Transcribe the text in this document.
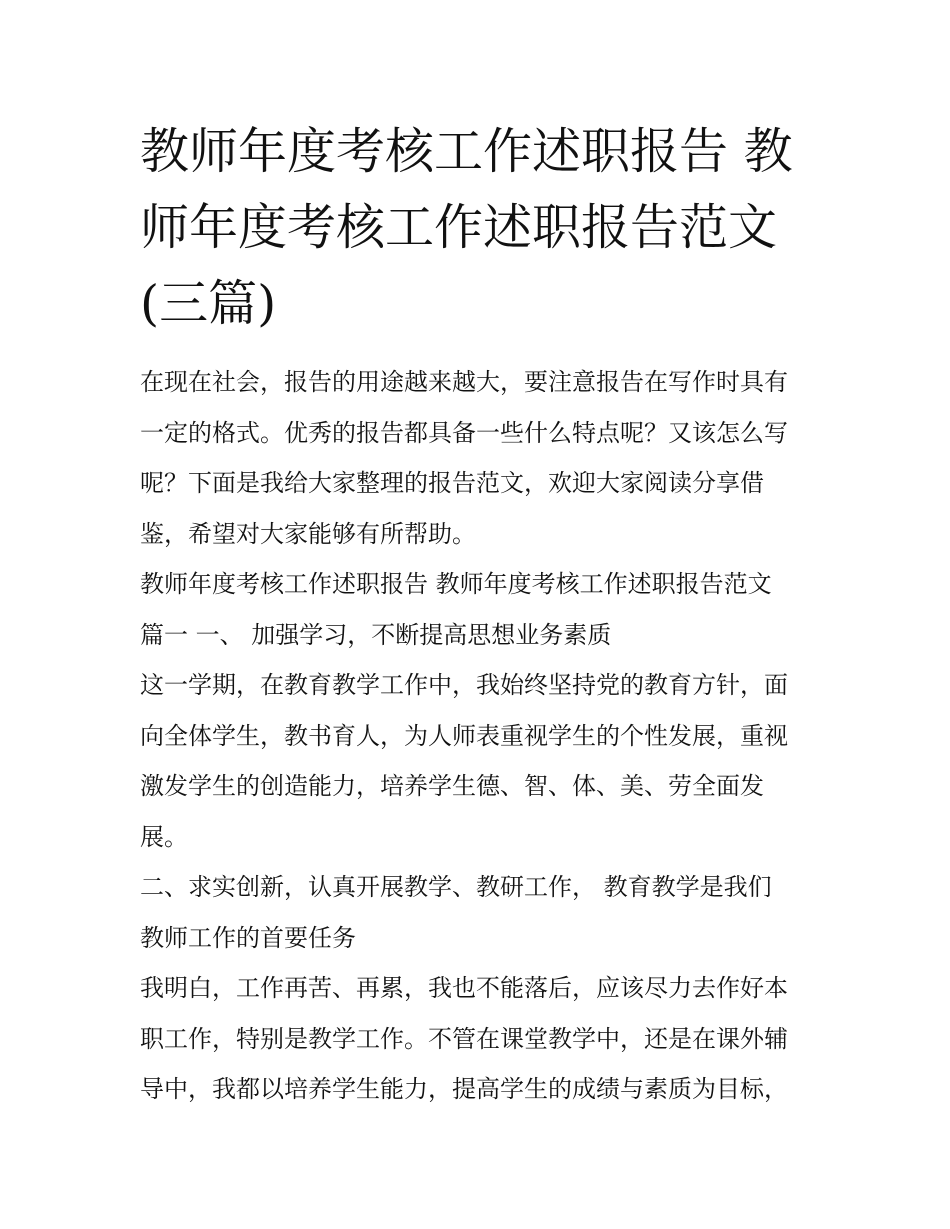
教师年度考核工作述职报告 教
师年度考核工作述职报告范文
(三篇)
在现在社会，报告的用途越来越大，要注意报告在写作时具有
一定的格式。优秀的报告都具备一些什么特点呢？又该怎么写
呢？下面是我给大家整理的报告范文，欢迎大家阅读分享借
鉴，希望对大家能够有所帮助。
教师年度考核工作述职报告 教师年度考核工作述职报告范文
篇一 一、 加强学习，不断提高思想业务素质
这一学期，在教育教学工作中，我始终坚持党的教育方针，面
向全体学生，教书育人，为人师表重视学生的个性发展，重视
激发学生的创造能力，培养学生德、智、体、美、劳全面发
展。
二、求实创新，认真开展教学、教研工作， 教育教学是我们
教师工作的首要任务
我明白，工作再苦、再累，我也不能落后，应该尽力去作好本
职工作，特别是教学工作。不管在课堂教学中，还是在课外辅
导中，我都以培养学生能力，提高学生的成绩与素质为目标，
